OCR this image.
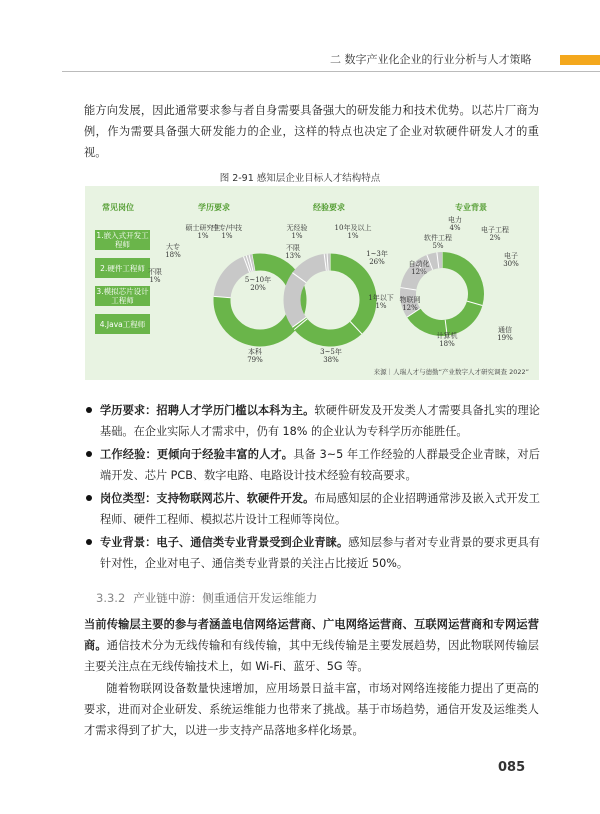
二 数字产业化企业的行业分析与人才策略

能方向发展，因此通常要求参与者自身需要具备强大的研发能力和技术优势。以芯片厂商为例，作为需要具备强大研发能力的企业，这样的特点也决定了企业对软硬件研发人才的重视。

图 2-91 感知层企业目标人才结构特点
常见岗位	学历要求	经验要求	专业背景
1.嵌入式开发工程师
2.硬件工程师
3.模拟芯片设计工程师
4.Java工程师
来源｜人瑞人才与德勤“产业数字人才研究调查 2022”
本科
79%
大专
18%
不限
1%
硕士研究生
1%
中专/中技
1%
3~5年
38%
1~3年
26%
1年以下
1%
5~10年
20%
不限
13%
无经验
1%
10年及以上
1%
电子
30%
通信
19%
计算机
18%
物联网
12%
自动化
12%
软件工程
5%
电力
4%	电子工程
2%
学历要求：招聘人才学历门槛以本科为主。软硬件研发及开发类人才需要具备扎实的理论基础。在企业实际人才需求中，仍有 18% 的企业认为专科学历亦能胜任。
工作经验：更倾向于经验丰富的人才。具备 3~5 年工作经验的人群最受企业青睐，对后端开发、芯片 PCB、数字电路、电路设计技术经验有较高要求。
岗位类型：支持物联网芯片、软硬件开发。布局感知层的企业招聘通常涉及嵌入式开发工程师、硬件工程师、模拟芯片设计工程师等岗位。
专业背景：电子、通信类专业背景受到企业青睐。感知层参与者对专业背景的要求更具有针对性，企业对电子、通信类专业背景的关注占比接近 50%。
3.3.2 产业链中游：侧重通信开发运维能力

当前传输层主要的参与者涵盖电信网络运营商、广电网络运营商、互联网运营商和专网运营商。通信技术分为无线传输和有线传输，其中无线传输是主要发展趋势，因此物联网传输层主要关注点在无线传输技术上，如 Wi-Fi、蓝牙、5G 等。

随着物联网设备数量快速增加，应用场景日益丰富，市场对网络连接能力提出了更高的要求，进而对企业研发、系统运维能力也带来了挑战。基于市场趋势，通信开发及运维类人才需求得到了扩大，以进一步支持产品落地多样化场景。

085
